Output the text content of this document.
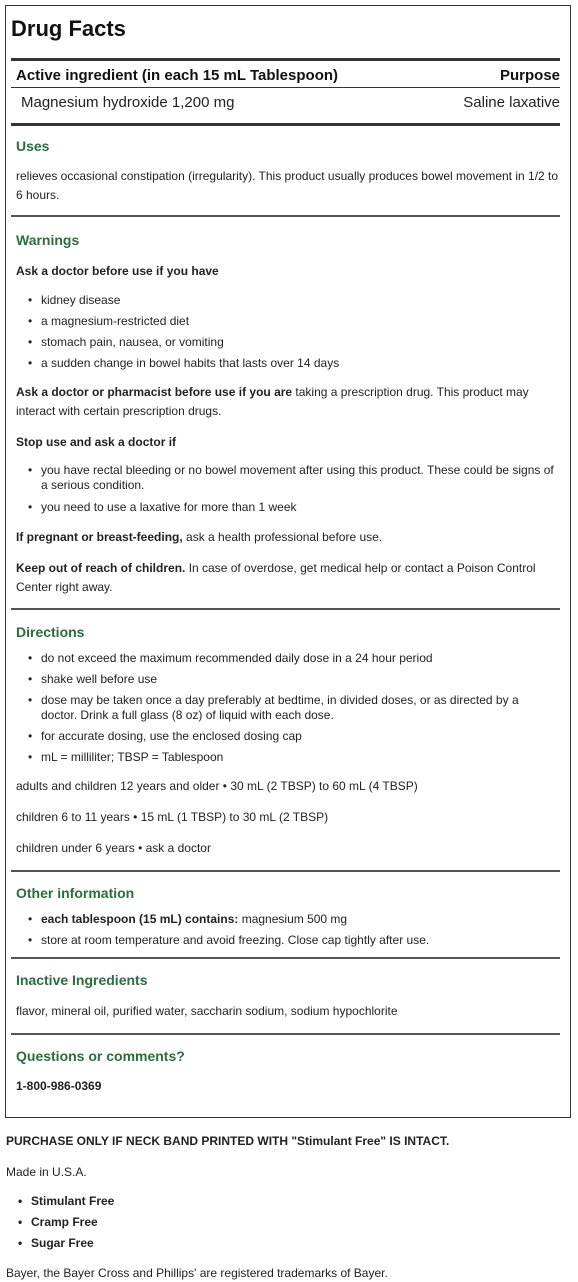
Drug Facts
Active ingredient (in each 15 mL Tablespoon)	Purpose
Magnesium hydroxide 1,200 mg	Saline laxative
Uses
relieves occasional constipation (irregularity). This product usually produces bowel movement in 1/2 to 6 hours.
Warnings
Ask a doctor before use if you have
• kidney disease
• a magnesium-restricted diet
• stomach pain, nausea, or vomiting
• a sudden change in bowel habits that lasts over 14 days
Ask a doctor or pharmacist before use if you are taking a prescription drug. This product may interact with certain prescription drugs.
Stop use and ask a doctor if
• you have rectal bleeding or no bowel movement after using this product. These could be signs of a serious condition.
• you need to use a laxative for more than 1 week
If pregnant or breast-feeding, ask a health professional before use.
Keep out of reach of children. In case of overdose, get medical help or contact a Poison Control Center right away.
Directions
• do not exceed the maximum recommended daily dose in a 24 hour period
• shake well before use
• dose may be taken once a day preferably at bedtime, in divided doses, or as directed by a doctor. Drink a full glass (8 oz) of liquid with each dose.
• for accurate dosing, use the enclosed dosing cap
• mL = milliliter; TBSP = Tablespoon
adults and children 12 years and older • 30 mL (2 TBSP) to 60 mL (4 TBSP)
children 6 to 11 years • 15 mL (1 TBSP) to 30 mL (2 TBSP)
children under 6 years • ask a doctor
Other information
• each tablespoon (15 mL) contains: magnesium 500 mg
• store at room temperature and avoid freezing. Close cap tightly after use.
Inactive Ingredients
flavor, mineral oil, purified water, saccharin sodium, sodium hypochlorite
Questions or comments?
1-800-986-0369
PURCHASE ONLY IF NECK BAND PRINTED WITH "Stimulant Free" IS INTACT.
Made in U.S.A.
• Stimulant Free
• Cramp Free
• Sugar Free
Bayer, the Bayer Cross and Phillips' are registered trademarks of Bayer.
